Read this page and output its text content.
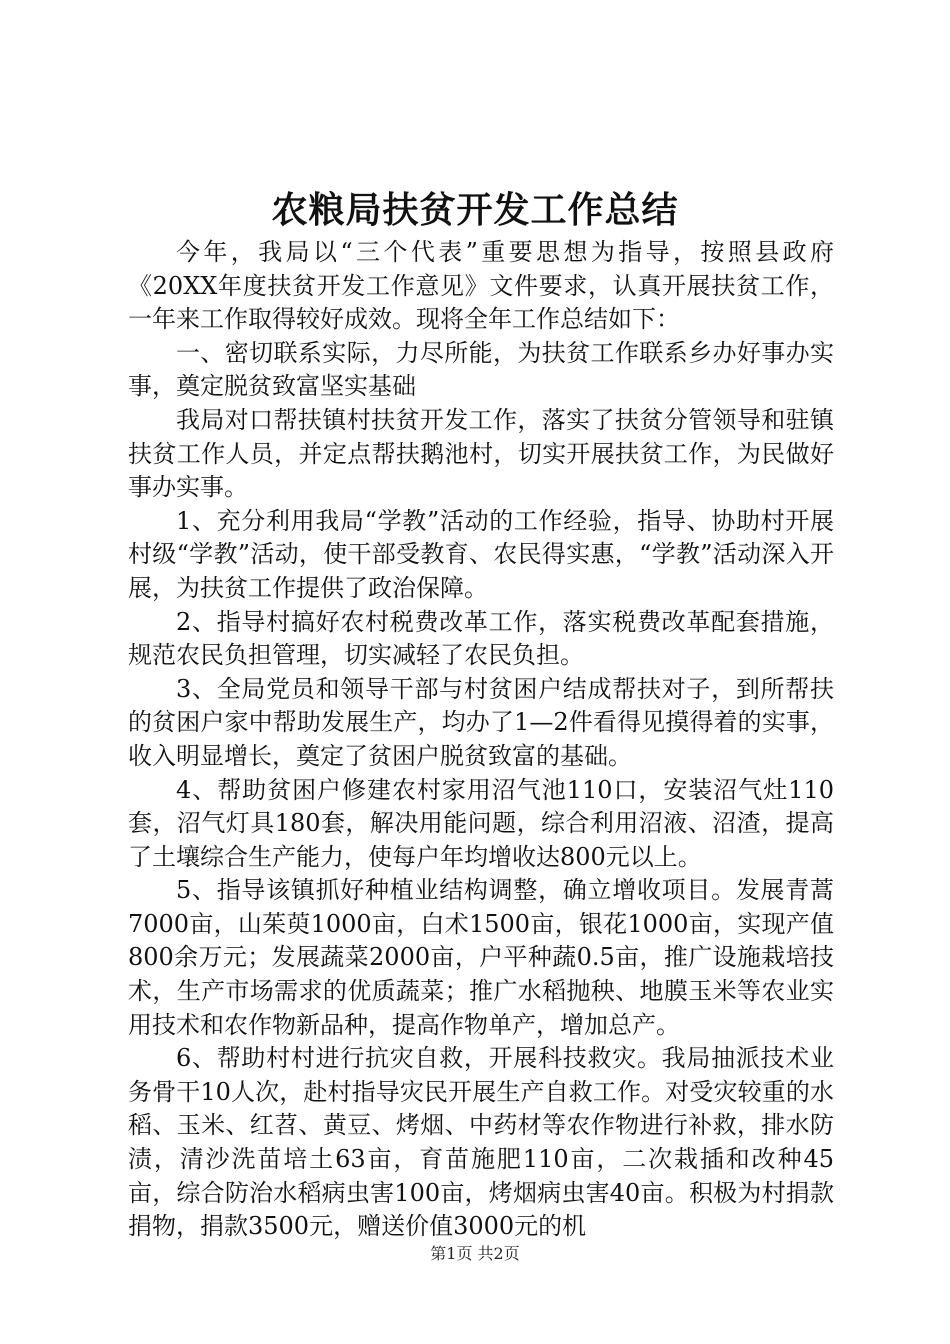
农粮局扶贫开发工作总结

今年，我局以“三个代表”重要思想为指导，按照县政府《20XX年度扶贫开发工作意见》文件要求，认真开展扶贫工作，一年来工作取得较好成效。现将全年工作总结如下：

一、密切联系实际，力尽所能，为扶贫工作联系乡办好事办实事，奠定脱贫致富坚实基础

我局对口帮扶镇村扶贫开发工作，落实了扶贫分管领导和驻镇扶贫工作人员，并定点帮扶鹅池村，切实开展扶贫工作，为民做好事办实事。

1、充分利用我局“学教”活动的工作经验，指导、协助村开展村级“学教”活动，使干部受教育、农民得实惠，“学教”活动深入开展，为扶贫工作提供了政治保障。

2、指导村搞好农村税费改革工作，落实税费改革配套措施，规范农民负担管理，切实减轻了农民负担。

3、全局党员和领导干部与村贫困户结成帮扶对子，到所帮扶的贫困户家中帮助发展生产，均办了1—2件看得见摸得着的实事，收入明显增长，奠定了贫困户脱贫致富的基础。

4、帮助贫困户修建农村家用沼气池110口，安装沼气灶110套，沼气灯具180套，解决用能问题，综合利用沼液、沼渣，提高了土壤综合生产能力，使每户年均增收达800元以上。

5、指导该镇抓好种植业结构调整，确立增收项目。发展青蒿7000亩，山茱萸1000亩，白术1500亩，银花1000亩，实现产值800余万元；发展蔬菜2000亩，户平种蔬0.5亩，推广设施栽培技术，生产市场需求的优质蔬菜；推广水稻抛秧、地膜玉米等农业实用技术和农作物新品种，提高作物单产，增加总产。

6、帮助村村进行抗灾自救，开展科技救灾。我局抽派技术业务骨干10人次，赴村指导灾民开展生产自救工作。对受灾较重的水稻、玉米、红苕、黄豆、烤烟、中药材等农作物进行补救，排水防渍，清沙洗苗培土63亩，育苗施肥110亩，二次栽插和改种45亩，综合防治水稻病虫害100亩，烤烟病虫害40亩。积极为村捐款捐物，捐款3500元，赠送价值3000元的机

第1页 共2页
